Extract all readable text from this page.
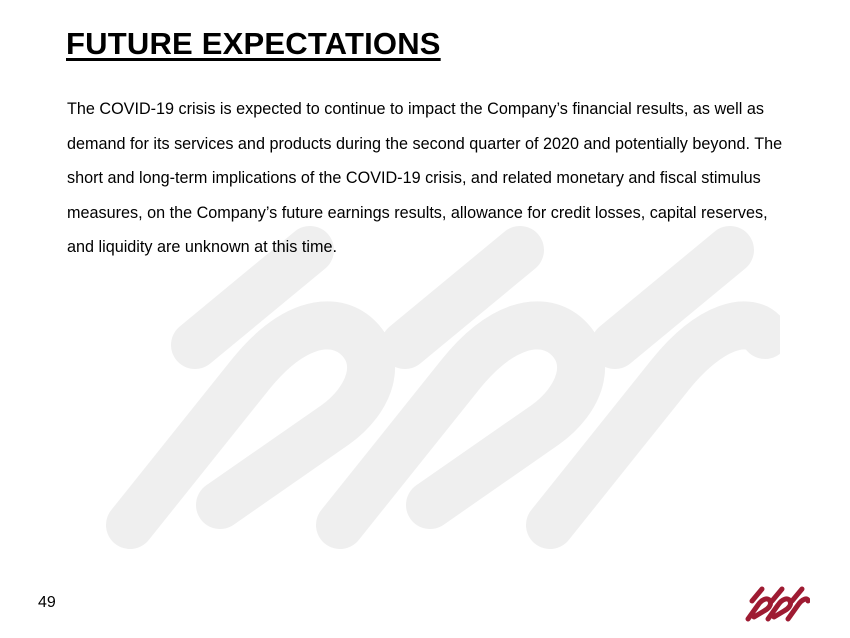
FUTURE EXPECTATIONS

The COVID-19 crisis is expected to continue to impact the Company’s financial results, as well as demand for its services and products during the second quarter of 2020 and potentially beyond. The short and long-term implications of the COVID-19 crisis, and related monetary and fiscal stimulus measures, on the Company’s future earnings results, allowance for credit losses, capital reserves, and liquidity are unknown at this time.

49
